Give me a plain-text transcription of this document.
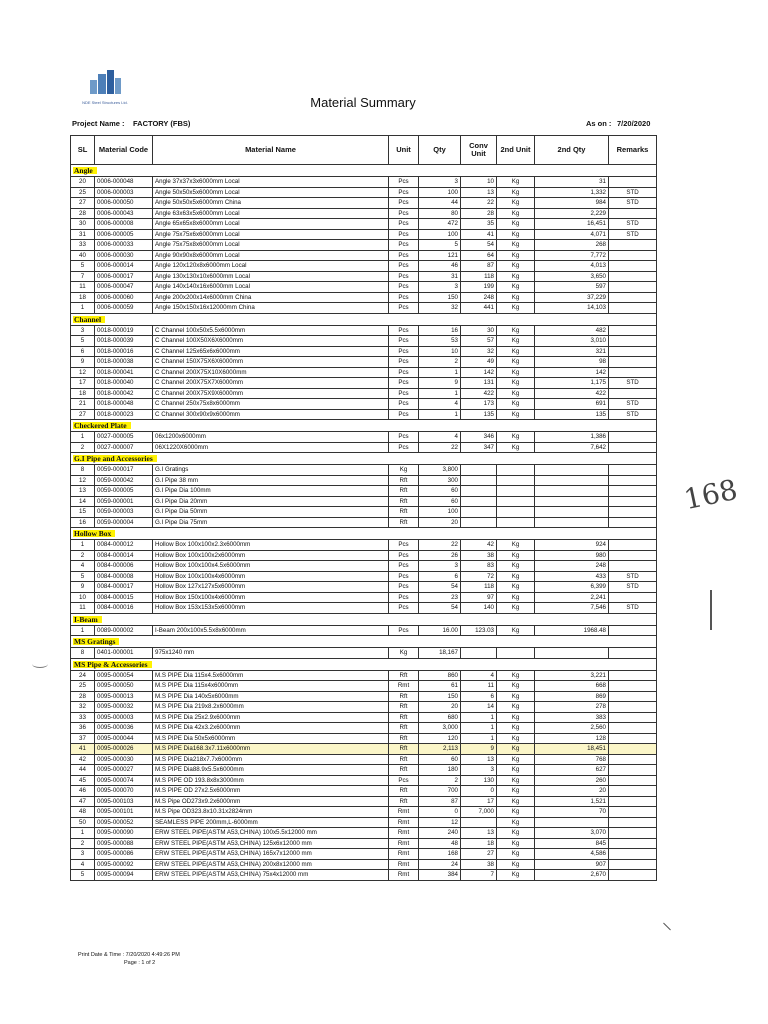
NDE Steel Structures Ltd.	Material Summary
Project Name : FACTORY (FBS)	As on : 7/20/2020
SL	Material Code	Material Name	Unit	Qty	Conv Unit	2nd Unit	2nd Qty	Remarks
Angle								
20	0006-000048	Angle 37x37x3x6000mm Local	Pcs	3	10	Kg	31	
25	0006-000003	Angle 50x50x5x6000mm Local	Pcs	100	13	Kg	1,332	STD
27	0006-000050	Angle 50x50x5x6000mm China	Pcs	44	22	Kg	984	STD
28	0006-000043	Angle 63x63x5x6000mm Local	Pcs	80	28	Kg	2,229	
30	0006-000008	Angle 65x65x8x6000mm Local	Pcs	472	35	Kg	16,451	STD
31	0006-000005	Angle 75x75x6x6000mm Local	Pcs	100	41	Kg	4,071	STD
33	0006-000033	Angle 75x75x8x6000mm Local	Pcs	5	54	Kg	268	
40	0006-000030	Angle 90x90x8x6000mm Local	Pcs	121	64	Kg	7,772	
5	0006-000014	Angle 120x120x8x6000mm Local	Pcs	46	87	Kg	4,013	
7	0006-000017	Angle 130x130x10x6000mm Local	Pcs	31	118	Kg	3,650	
11	0006-000047	Angle 140x140x16x6000mm Local	Pcs	3	199	Kg	597	
18	0006-000060	Angle 200x200x14x6000mm China	Pcs	150	248	Kg	37,229	
1	0006-000059	Angle 150x150x16x12000mm China	Pcs	32	441	Kg	14,103	
Channel								
3	0018-000019	C Channel 100x50x5.5x6000mm	Pcs	16	30	Kg	482	
5	0018-000039	C Channel 100X50X6X6000mm	Pcs	53	57	Kg	3,010	
6	0018-000016	C Channel 125x65x6x6000mm	Pcs	10	32	Kg	321	
9	0018-000038	C Channel 150X75X6X6000mm	Pcs	2	49	Kg	98	
12	0018-000041	C Channel 200X75X10X6000mm	Pcs	1	142	Kg	142	
17	0018-000040	C Channel 200X75X7X6000mm	Pcs	9	131	Kg	1,175	STD
18	0018-000042	C Channel 200X75X9X6000mm	Pcs	1	422	Kg	422	
21	0018-000048	C Channel 250x75x8x6000mm	Pcs	4	173	Kg	691	STD
27	0018-000023	C Channel 300x90x9x6000mm	Pcs	1	135	Kg	135	STD
Checkered Plate								
1	0027-000005	06x1200x6000mm	Pcs	4	346	Kg	1,386	
2	0027-000007	06X1220X6000mm	Pcs	22	347	Kg	7,642	
G.I Pipe and Accessories								
8	0059-000017	G.I Gratings	Kg	3,800				
12	0059-000042	G.I Pipe 38 mm	Rft	300				
13	0059-000005	G.I Pipe Dia 100mm	Rft	60				
14	0059-000001	G.I Pipe Dia 20mm	Rft	60				
15	0059-000003	G.I Pipe Dia 50mm	Rft	100				
16	0059-000004	G.I Pipe Dia 75mm	Rft	20				
Hollow Box								
1	0084-000012	Hollow Box 100x100x2.3x6000mm	Pcs	22	42	Kg	924	
2	0084-000014	Hollow Box 100x100x2x6000mm	Pcs	26	38	Kg	980	
4	0084-000006	Hollow Box 100x100x4.5x6000mm	Pcs	3	83	Kg	248	
5	0084-000008	Hollow Box 100x100x4x6000mm	Pcs	6	72	Kg	433	STD
9	0084-000017	Hollow Box 127x127x5x6000mm	Pcs	54	118	Kg	6,399	STD
10	0084-000015	Hollow Box 150x100x4x6000mm	Pcs	23	97	Kg	2,241	
11	0084-000016	Hollow Box 153x153x5x6000mm	Pcs	54	140	Kg	7,546	STD
I-Beam								
1	0089-000002	I-Beam 200x100x5.5x8x6000mm	Pcs	16.00	123.03	Kg	1968.48	
MS Gratings								
8	0401-000001	975x1240 mm	Kg	18,167				
MS Pipe & Accessories								
24	0095-000054	M.S PIPE Dia 115x4.5x6000mm	Rft	860	4	Kg	3,221	
25	0095-000050	M.S PIPE Dia 115x4x6000mm	Rmt	61	11	Kg	668	
28	0095-000013	M.S PIPE Dia 140x5x6000mm	Rft	150	6	Kg	869	
32	0095-000032	M.S PIPE Dia 219x8.2x6000mm	Rft	20	14	Kg	278	
33	0095-000003	M.S PIPE Dia 25x2.9x6000mm	Rft	680	1	Kg	383	
36	0095-000036	M.S PIPE Dia 42x3.2x6000mm	Rft	3,000	1	Kg	2,560	
37	0095-000044	M.S PIPE Dia 50x5x6000mm	Rft	120	1	Kg	128	
41	0095-000026	M.S PIPE Dia168.3x7.11x6000mm	Rft	2,113	9	Kg	18,451	
42	0095-000030	M.S PIPE Dia218x7.7x6000mm	Rft	60	13	Kg	768	
44	0095-000027	M.S PIPE Dia88.9x5.5x6000mm	Rft	180	3	Kg	627	
45	0095-000074	M.S PIPE OD 193.8x8x3000mm	Pcs	2	130	Kg	260	
46	0095-000070	M.S PIPE OD 27x2.5x6000mm	Rft	700	0	Kg	20	
47	0095-000103	M.S Pipe OD273x9.2x6000mm	Rft	87	17	Kg	1,521	
48	0095-000101	M.S Pipe OD323.8x10.31x2824mm	Rmt	0	7,000	Kg	70	
50	0095-000052	SEAMLESS PIPE 200mm,L-6000mm	Rmt	12		Kg		
1	0095-000090	ERW STEEL PIPE(ASTM A53,CHINA) 100x5.5x12000 mm	Rmt	240	13	Kg	3,070	
2	0095-000088	ERW STEEL PIPE(ASTM A53,CHINA) 125x6x12000 mm	Rmt	48	18	Kg	845	
3	0095-000086	ERW STEEL PIPE(ASTM A53,CHINA) 165x7x12000 mm	Rmt	168	27	Kg	4,586	
4	0095-000092	ERW STEEL PIPE(ASTM A53,CHINA) 200x8x12000 mm	Rmt	24	38	Kg	907	
5	0095-000094	ERW STEEL PIPE(ASTM A53,CHINA) 75x4x12000 mm	Rmt	384	7	Kg	2,670	
168
Print Date & Time : 7/20/2020 4:49:26 PM
Page : 1 of 2
